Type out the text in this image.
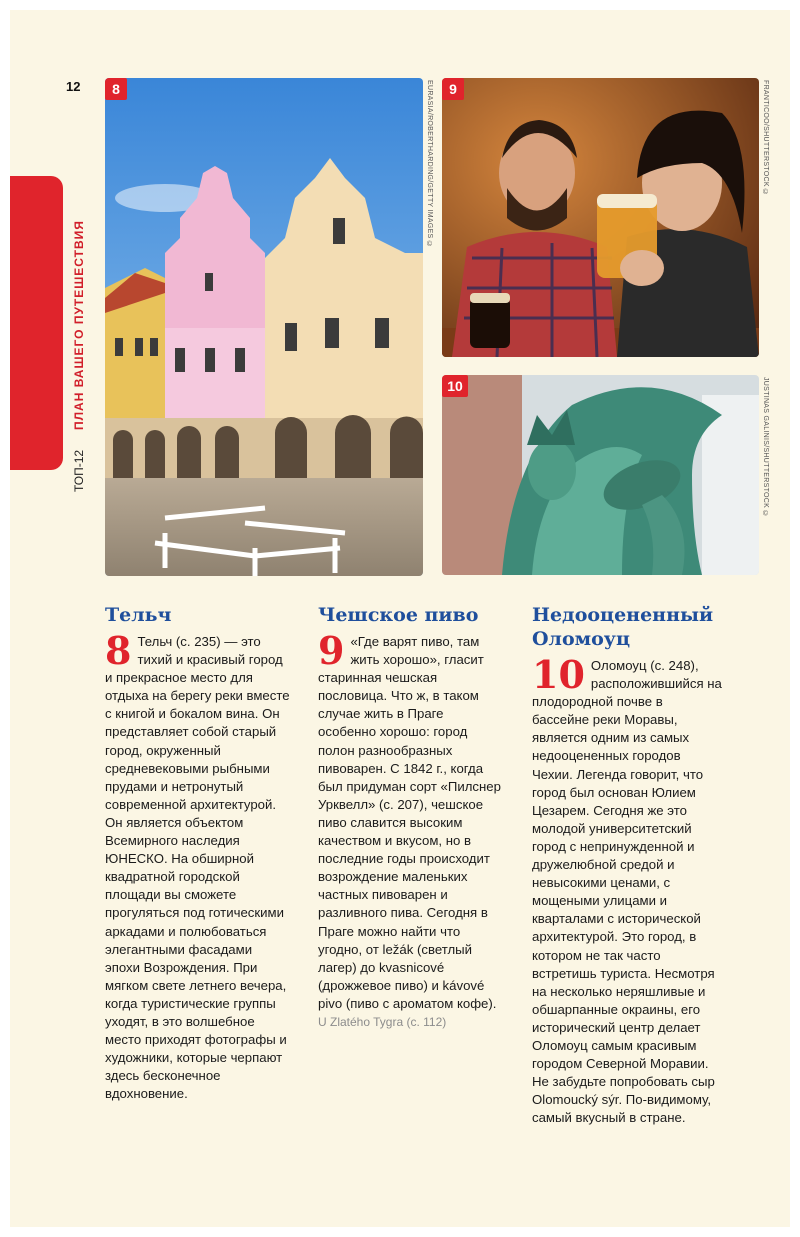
12
ПЛАН ВАШЕГО ПУТЕШЕСТВИЯ
ТОП-12
8	EURASIA/ROBERTHARDING/GETTY IMAGES ©	9	FRANTICOO/SHUTTERSTOCK ©
10	JUSTINAS GALINIS/SHUTTERSTOCK ©
Тельч

8 Тельч (с. 235) — это тихий и красивый город и прекрасное место для отдыха на берегу реки вместе с книгой и бокалом вина. Он представляет собой старый город, окруженный средневековыми рыбными прудами и нетронутый современной архитектурой. Он является объектом Всемирного наследия ЮНЕСКО. На обширной квадратной городской площади вы сможете прогуляться под готическими аркадами и полюбоваться элегантными фасадами эпохи Возрождения. При мягком свете летнего вечера, когда туристические группы уходят, в это волшебное место приходят фотографы и художники, которые черпают здесь бесконечное вдохновение.

Чешское пиво

9 «Где варят пиво, там жить хорошо», гласит старинная чешская пословица. Что ж, в таком случае жить в Праге особенно хорошо: город полон разнообразных пивоварен. С 1842 г., когда был придуман сорт «Пилснер Урквелл» (с. 207), чешское пиво славится высоким качеством и вкусом, но в последние годы происходит возрождение маленьких частных пивоварен и разливного пива. Сегодня в Праге можно найти что угодно, от ležák (светлый лагер) до kvasnicové (дрожжевое пиво) и kávové pivo (пиво с ароматом кофе). U Zlatého Tygra (с. 112)

Недооцененный Оломоуц

10 Оломоуц (с. 248), расположившийся на плодородной почве в бассейне реки Моравы, является одним из самых недооцененных городов Чехии. Легенда говорит, что город был основан Юлием Цезарем. Сегодня же это молодой университетский город с непринужденной и дружелюбной средой и невысокими ценами, с мощеными улицами и кварталами с исторической архитектурой. Это город, в котором не так часто встретишь туриста. Несмотря на несколько неряшливые и обшарпанные окраины, его исторический центр делает Оломоуц самым красивым городом Северной Моравии. Не забудьте попробовать сыр Olomoucký sýr. По-видимому, самый вкусный в стране.
